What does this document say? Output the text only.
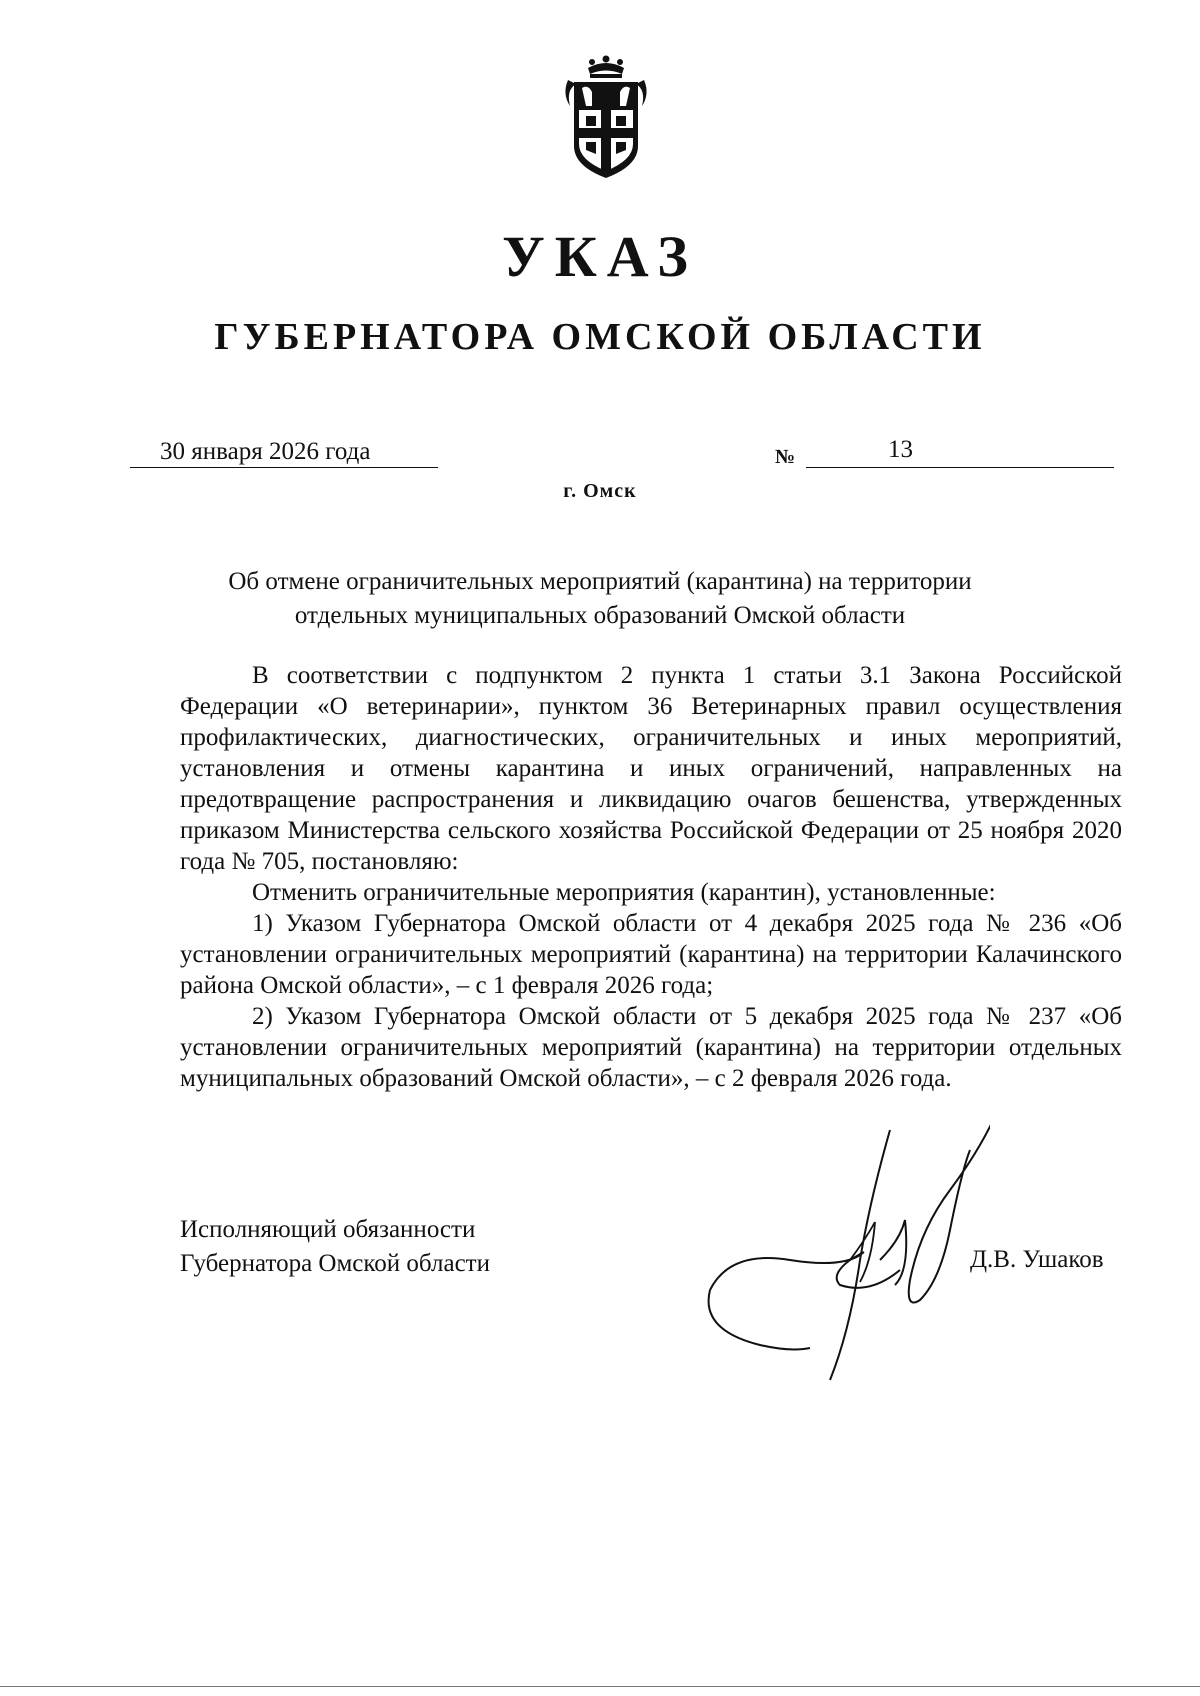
УКАЗ
ГУБЕРНАТОРА ОМСКОЙ ОБЛАСТИ
30 января 2026 года	№	13
г. Омск
Об отмене ограничительных мероприятий (карантина) на территории
отдельных муниципальных образований Омской области

В соответствии с подпунктом 2 пункта 1 статьи 3.1 Закона Российской Федерации «О ветеринарии», пунктом 36 Ветеринарных правил осуществления профилактических, диагностических, ограничительных и иных мероприятий, установления и отмены карантина и иных ограничений, направленных на предотвращение распространения и ликвидацию очагов бешенства, утвержденных приказом Министерства сельского хозяйства Российской Федерации от 25 ноября 2020 года № 705, постановляю:

Отменить ограничительные мероприятия (карантин), установленные:

1) Указом Губернатора Омской области от 4 декабря 2025 года № 236 «Об установлении ограничительных мероприятий (карантина) на территории Калачинского района Омской области», – с 1 февраля 2026 года;

2) Указом Губернатора Омской области от 5 декабря 2025 года № 237 «Об установлении ограничительных мероприятий (карантина) на территории отдельных муниципальных образований Омской области», – с 2 февраля 2026 года.

Исполняющий обязанности
Губернатора Омской области	Д.В. Ушаков
